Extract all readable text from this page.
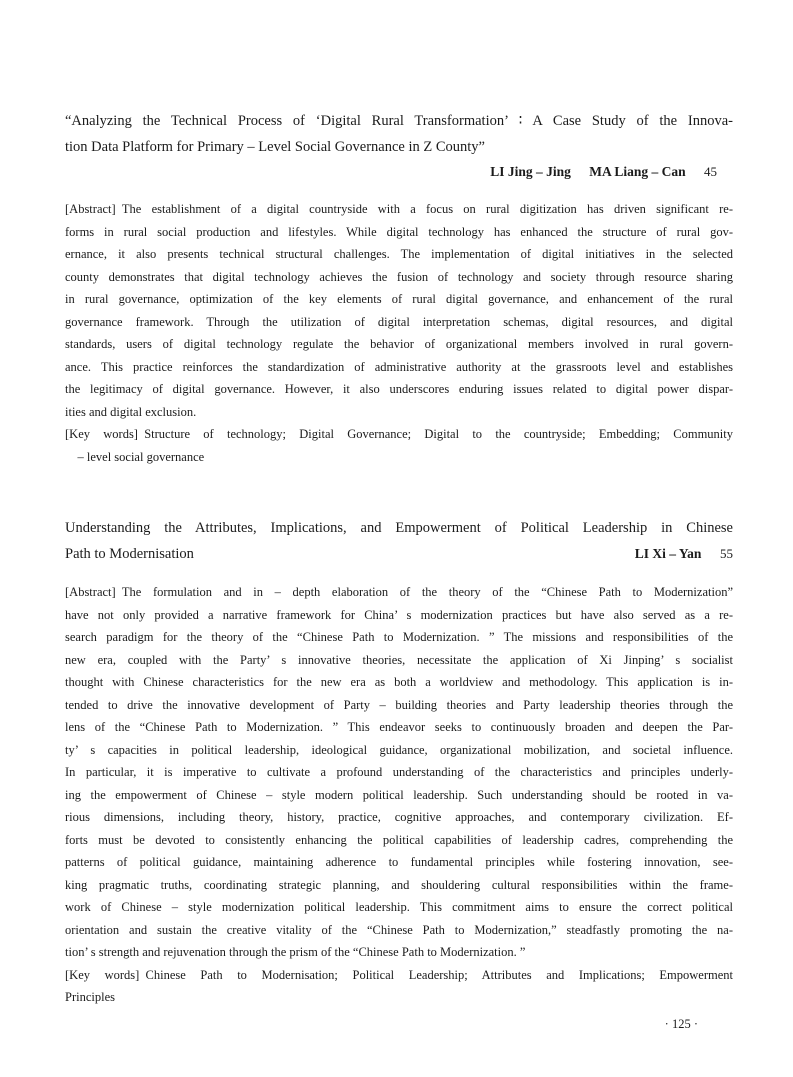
“Analyzing the Technical Process of ‘Digital Rural Transformation’ ∶ A Case Study of the Innova-
tion Data Platform for Primary – Level Social Governance in Z County”
LI Jing – Jing MA Liang – Can 45
[Abstract] The establishment of a digital countryside with a focus on rural digitization has driven significant re-
forms in rural social production and lifestyles. While digital technology has enhanced the structure of rural gov-
ernance, it also presents technical structural challenges. The implementation of digital initiatives in the selected
county demonstrates that digital technology achieves the fusion of technology and society through resource sharing
in rural governance, optimization of the key elements of rural digital governance, and enhancement of the rural
governance framework. Through the utilization of digital interpretation schemas, digital resources, and digital
standards, users of digital technology regulate the behavior of organizational members involved in rural govern-
ance. This practice reinforces the standardization of administrative authority at the grassroots level and establishes
the legitimacy of digital governance. However, it also underscores enduring issues related to digital power dispar-
ities and digital exclusion.
[Key words] Structure of technology; Digital Governance; Digital to the countryside; Embedding; Community
 – level social governance
Understanding the Attributes, Implications, and Empowerment of Political Leadership in Chinese
Path to Modernisation	LI Xi – Yan 55
[Abstract] The formulation and in – depth elaboration of the theory of the “Chinese Path to Modernization”
have not only provided a narrative framework for China’ s modernization practices but have also served as a re-
search paradigm for the theory of the “Chinese Path to Modernization. ” The missions and responsibilities of the
new era, coupled with the Party’ s innovative theories, necessitate the application of Xi Jinping’ s socialist
thought with Chinese characteristics for the new era as both a worldview and methodology. This application is in-
tended to drive the innovative development of Party – building theories and Party leadership theories through the
lens of the “Chinese Path to Modernization. ” This endeavor seeks to continuously broaden and deepen the Par-
ty’ s capacities in political leadership, ideological guidance, organizational mobilization, and societal influence.
In particular, it is imperative to cultivate a profound understanding of the characteristics and principles underly-
ing the empowerment of Chinese – style modern political leadership. Such understanding should be rooted in va-
rious dimensions, including theory, history, practice, cognitive approaches, and contemporary civilization. Ef-
forts must be devoted to consistently enhancing the political capabilities of leadership cadres, comprehending the
patterns of political guidance, maintaining adherence to fundamental principles while fostering innovation, see-
king pragmatic truths, coordinating strategic planning, and shouldering cultural responsibilities within the frame-
work of Chinese – style modernization political leadership. This commitment aims to ensure the correct political
orientation and sustain the creative vitality of the “Chinese Path to Modernization,” steadfastly promoting the na-
tion’ s strength and rejuvenation through the prism of the “Chinese Path to Modernization. ”
[Key words] Chinese Path to Modernisation; Political Leadership; Attributes and Implications; Empowerment
Principles
· 125 ·
